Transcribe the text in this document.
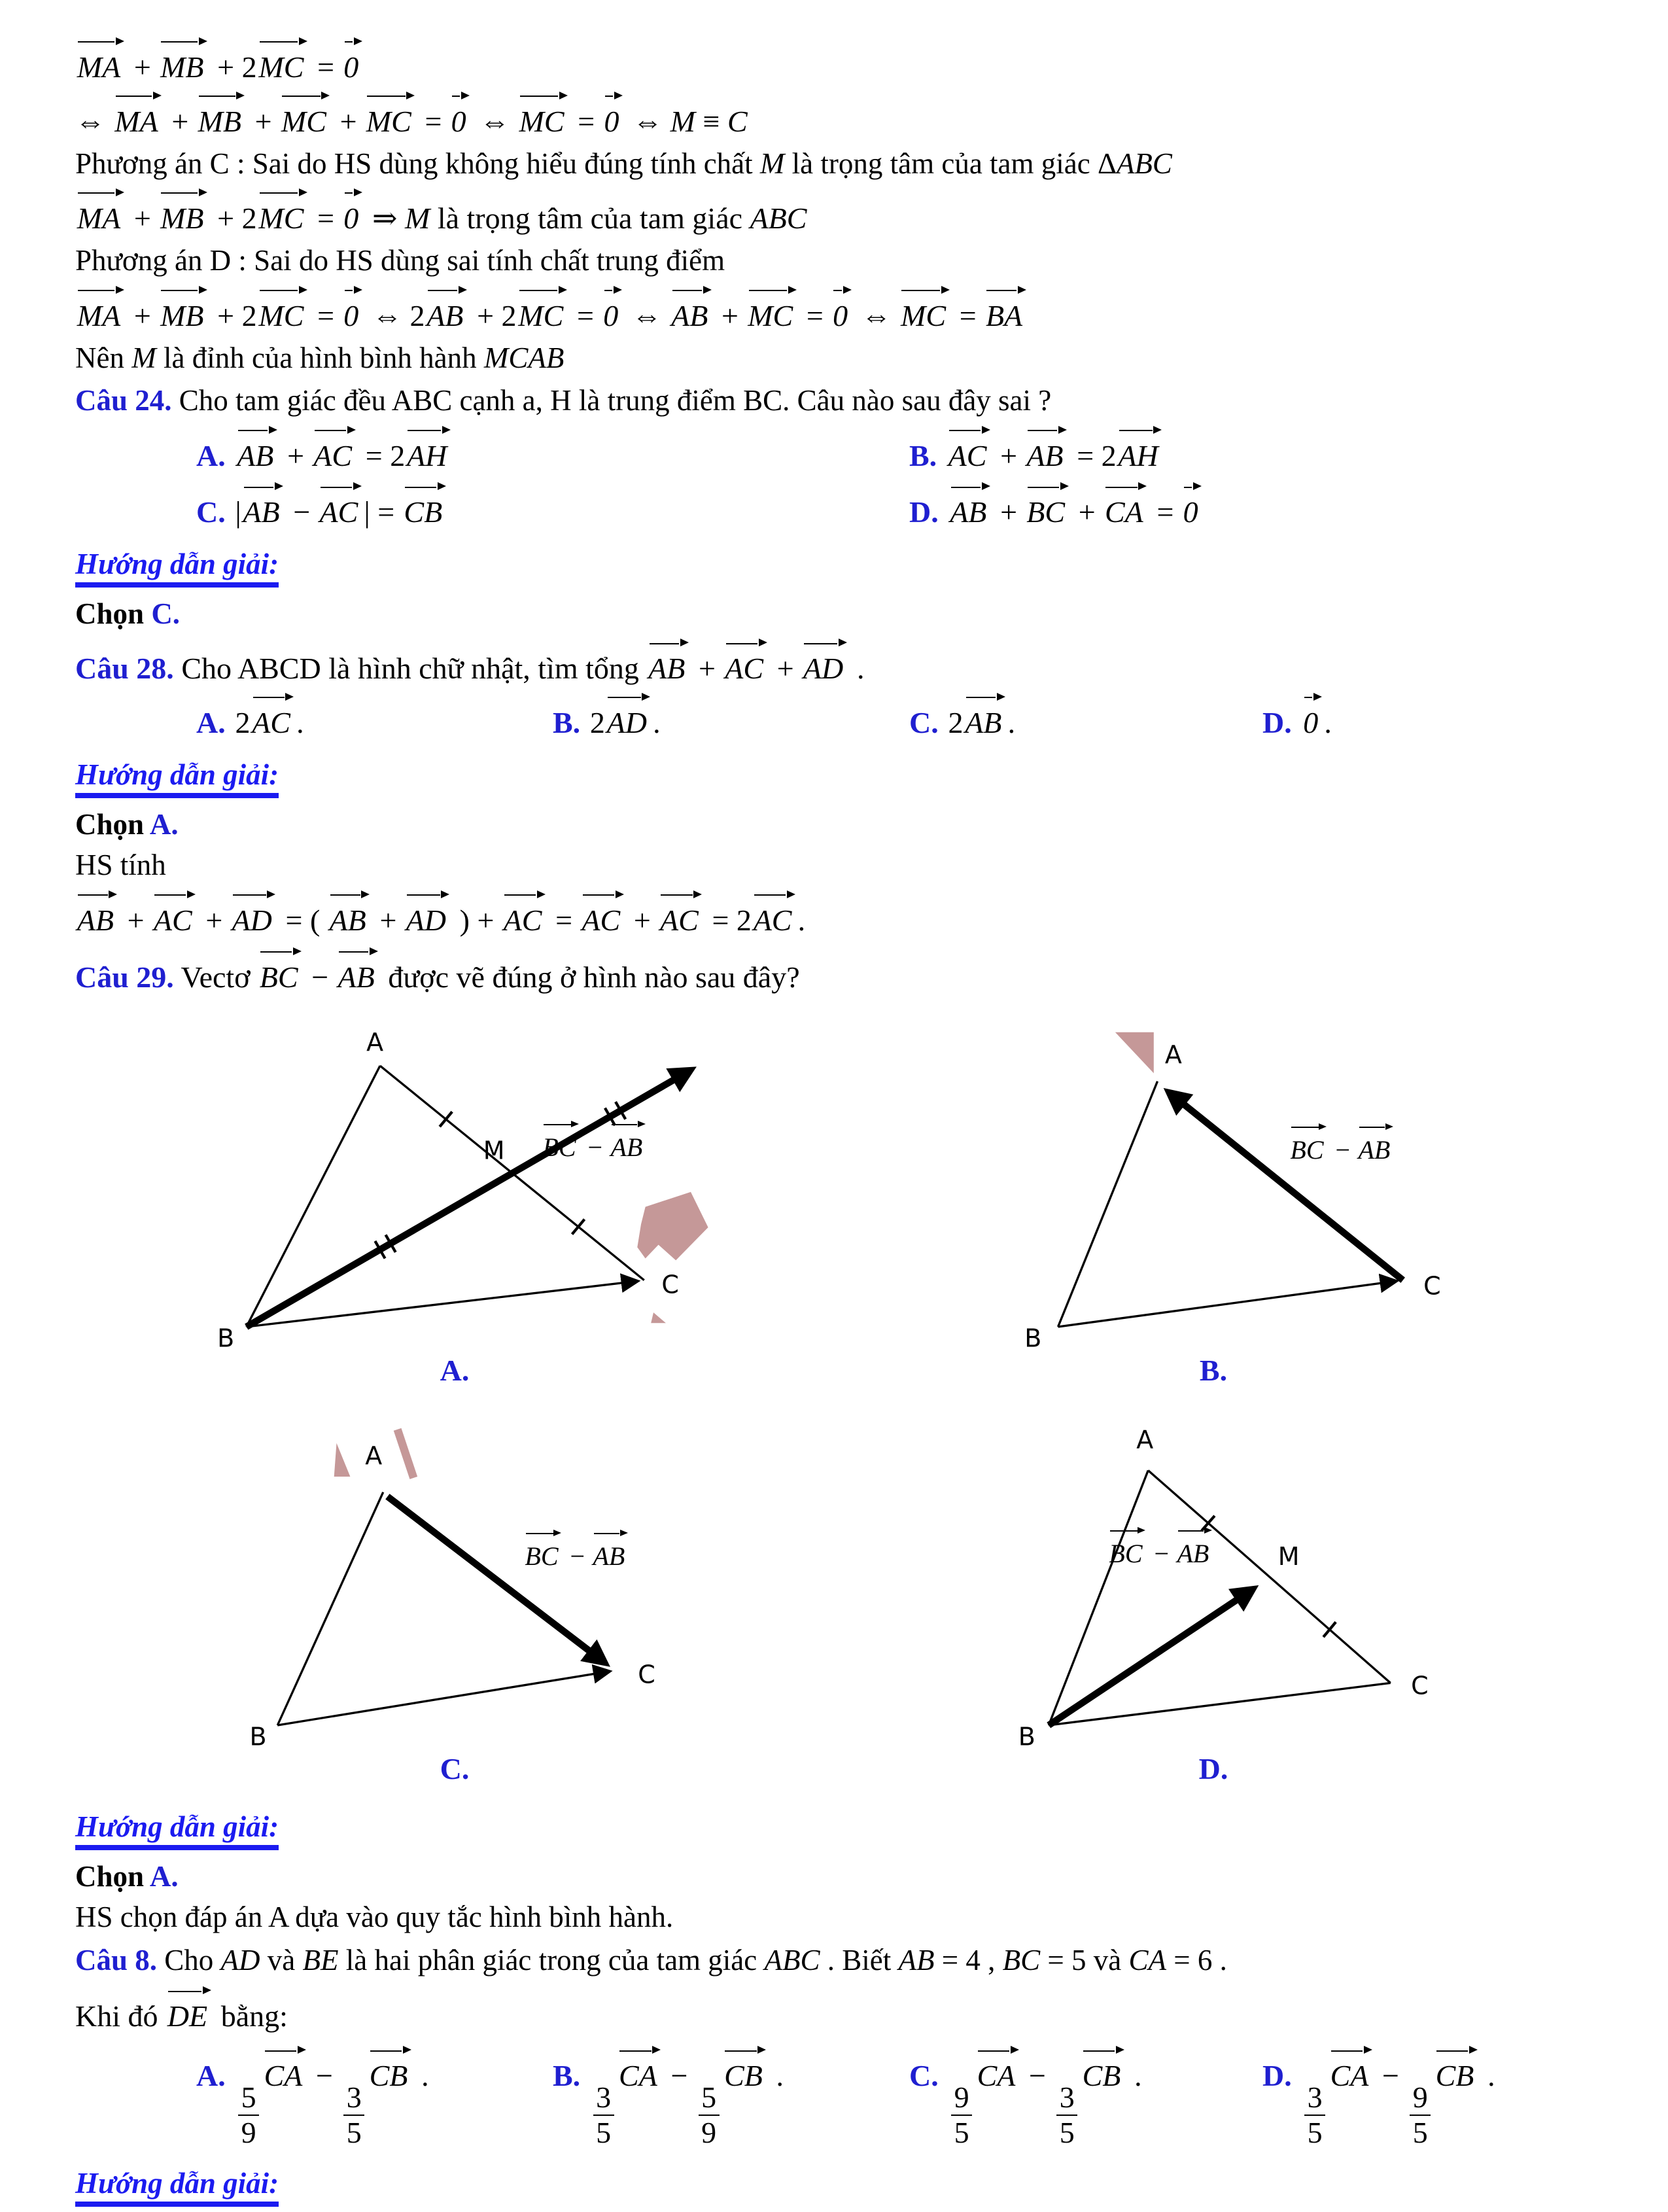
MA + MB + 2MC = 0
⇔ MA + MB + MC + MC = 0 ⇔ MC = 0 ⇔ M ≡ C
Phương án C : Sai do HS dùng không hiểu đúng tính chất M là trọng tâm của tam giác ΔABC
MA + MB + 2MC = 0 ⇒ M là trọng tâm của tam giác ABC
Phương án D : Sai do HS dùng sai tính chất trung điểm
MA + MB + 2MC = 0 ⇔ 2AB + 2MC = 0 ⇔ AB + MC = 0 ⇔ MC = BA
Nên M là đỉnh của hình bình hành MCAB
Câu 24. Cho tam giác đều ABC cạnh a, H là trung điểm BC. Câu nào sau đây sai ?
A. AB + AC = 2AH	B. AC + AB = 2AH
C. |AB − AC | = CB	D. AB + BC + CA = 0
Hướng dẫn giải:
Chọn C.
Câu 28. Cho ABCD là hình chữ nhật, tìm tổng AB + AC + AD .
A. 2AC .	B. 2AD .	C. 2AB .	D. 0 .
Hướng dẫn giải:
Chọn A.
HS tính
AB + AC + AD = ( AB + AD ) + AC = AC + AC = 2AC .
Câu 29. Vectơ BC − AB được vẽ đúng ở hình nào sau đây?
A
B
C
M BC − AB
A.
A
B
C
BC − AB
B.
A
B
C
BC − AB
C.
A
B
C
M
BC − AB
D.
Hướng dẫn giải:
Chọn A.
HS chọn đáp án A dựa vào quy tắc hình bình hành.
Câu 8. Cho AD và BE là hai phân giác trong của tam giác ABC . Biết AB = 4 , BC = 5 và CA = 6 .
Khi đó DE bằng:
A.
$\frac{5}{9}$
CA −
$\frac{3}{5}$
CB .	B.
$\frac{3}{5}$
CA −
$\frac{5}{9}$
CB .	C.
$\frac{9}{5}$
CA −
$\frac{3}{5}$
CB .	D.
$\frac{3}{5}$
CA −
$\frac{9}{5}$
CB .
Hướng dẫn giải:
